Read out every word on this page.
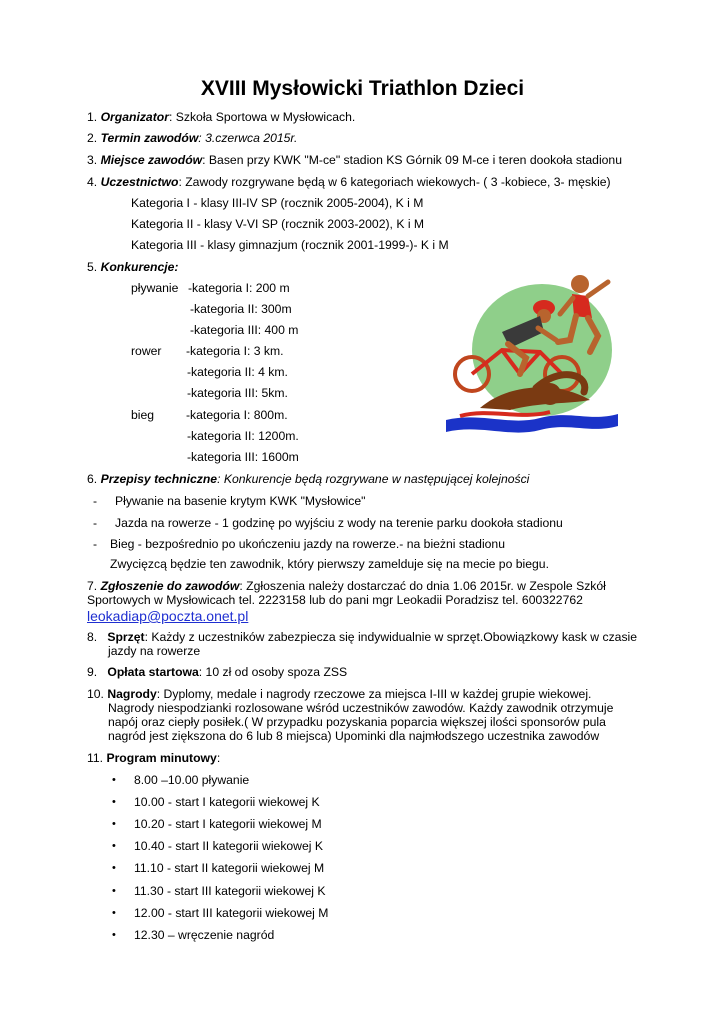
XVIII Mysłowicki Triathlon Dzieci
1. Organizator: Szkoła Sportowa w Mysłowicach.
2. Termin zawodów: 3.czerwca 2015r.
3. Miejsce zawodów: Basen przy KWK "M-ce" stadion KS Górnik 09 M-ce i teren dookoła stadionu
4. Uczestnictwo: Zawody rozgrywane będą w 6 kategoriach wiekowych- ( 3 -kobiece, 3- męskie)
Kategoria I - klasy III-IV SP (rocznik 2005-2004), K i M
Kategoria II - klasy V-VI SP (rocznik 2003-2002), K i M
Kategoria III - klasy gimnazjum (rocznik 2001-1999-)- K i M
5. Konkurencje:
pływanie -kategoria I: 200 m
-kategoria II: 300m
-kategoria III: 400 m
rower -kategoria I: 3 km.
-kategoria II: 4 km.
-kategoria III: 5km.
bieg	-kategoria I: 800m.
-kategoria II: 1200m.
-kategoria III: 1600m
6. Przepisy techniczne: Konkurencje będą rozgrywane w następującej kolejności
- Pływanie na basenie krytym KWK "Mysłowice"
- Jazda na rowerze - 1 godzinę po wyjściu z wody na terenie parku dookoła stadionu
- Bieg - bezpośrednio po ukończeniu jazdy na rowerze.- na bieżni stadionu
Zwycięzcą będzie ten zawodnik, który pierwszy zamelduje się na mecie po biegu.
7. Zgłoszenie do zawodów: Zgłoszenia należy dostarczać do dnia 1.06 2015r. w Zespole Szkół
Sportowych w Mysłowicach tel. 2223158 lub do pani mgr Leokadii Poradzisz tel. 600322762
leokadiap@poczta.onet.pl
8. Sprzęt: Każdy z uczestników zabezpiecza się indywidualnie w sprzęt.Obowiązkowy kask w czasie
jazdy na rowerze
9. Opłata startowa: 10 zł od osoby spoza ZSS
10. Nagrody: Dyplomy, medale i nagrody rzeczowe za miejsca I-III w każdej grupie wiekowej.
Nagrody niespodzianki rozlosowane wśród uczestników zawodów. Każdy zawodnik otrzymuje
napój oraz ciepły posiłek.( W przypadku pozyskania poparcia większej ilości sponsorów pula
nagród jest ziększona do 6 lub 8 miejsca) Upominki dla najmłodszego uczestnika zawodów
11. Program minutowy:
• 8.00 –10.00 pływanie
• 10.00 - start I kategorii wiekowej K
• 10.20 - start I kategorii wiekowej M
• 10.40 - start II kategorii wiekowej K
• 11.10 - start II kategorii wiekowej M
• 11.30 - start III kategorii wiekowej K
• 12.00 - start III kategorii wiekowej M
• 12.30 – wręczenie nagród
